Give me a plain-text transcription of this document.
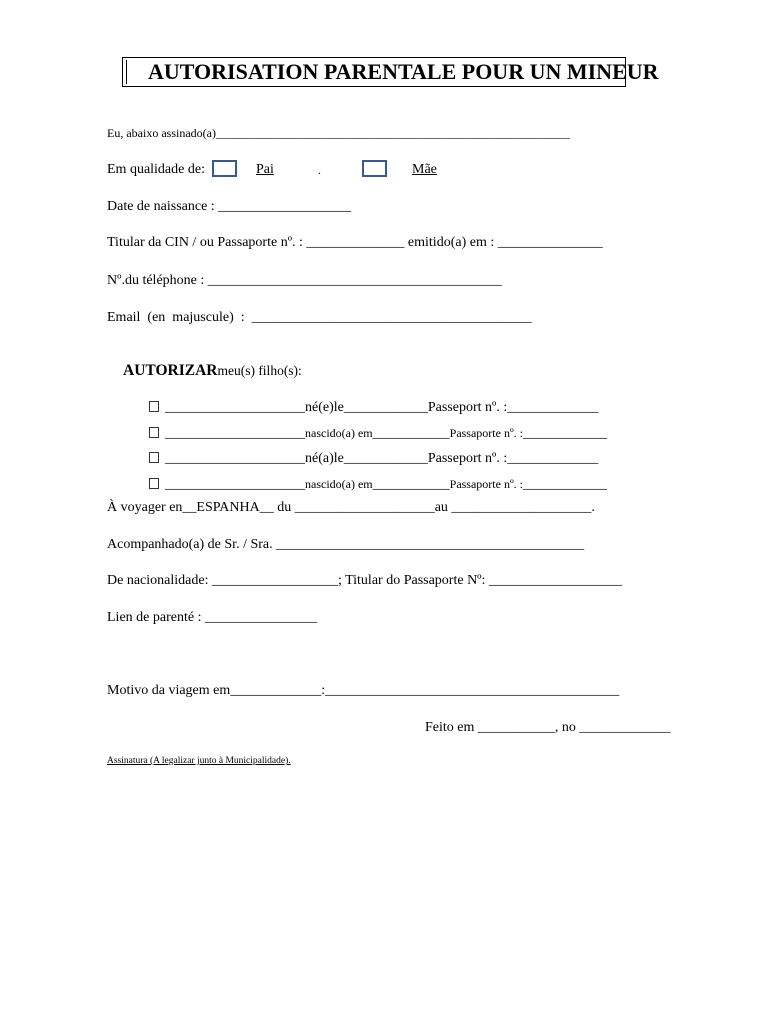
AUTORISATION PARENTALE POUR UN MINEUR
Eu, abaixo assinado(a)___________________________________________________________
Em qualidade de:	Pai	.	Mãe
Date de naissance : ___________________
Titular da CIN / ou Passaporte nº. : ______________ emitido(a) em : _______________
Nº.du téléphone : __________________________________________
Email  (en  majuscule)  :  ________________________________________

AUTORIZARmeu(s) filho(s):

____________________né(e)le____________Passeport nº. :_____________

____________________nascido(a) em___________Passaporte nº. :____________

____________________né(a)le____________Passeport nº. :_____________

____________________nascido(a) em___________Passaporte nº. :____________

À voyager en__ESPANHA__ du ____________________au ____________________.
Acompanhado(a) de Sr. / Sra. ____________________________________________
De nacionalidade: __________________; Titular do Passaporte Nº: ___________________
Lien de parenté : ________________
Motivo da viagem em_____________:__________________________________________
Feito em ___________, no _____________
Assinatura (A legalizar junto à Municipalidade).
